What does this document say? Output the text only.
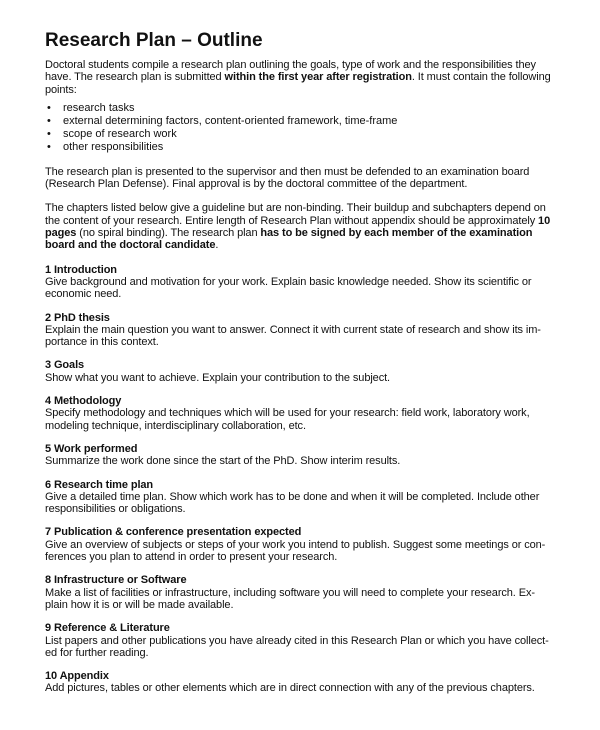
Research Plan – Outline
Doctoral students compile a research plan outlining the goals, type of work and the responsibilities they
have. The research plan is submitted within the first year after registration. It must contain the following
points:
•	research tasks
•	external determining factors, content-oriented framework, time-frame
•	scope of research work
•	other responsibilities
The research plan is presented to the supervisor and then must be defended to an examination board
(Research Plan Defense). Final approval is by the doctoral committee of the department.
The chapters listed below give a guideline but are non-binding. Their buildup and subchapters depend on
the content of your research. Entire length of Research Plan without appendix should be approximately 10
pages (no spiral binding). The research plan has to be signed by each member of the examination
board and the doctoral candidate.
1 Introduction
Give background and motivation for your work. Explain basic knowledge needed. Show its scientific or
economic need.
2 PhD thesis
Explain the main question you want to answer. Connect it with current state of research and show its im-
portance in this context.
3 Goals
Show what you want to achieve. Explain your contribution to the subject.
4 Methodology
Specify methodology and techniques which will be used for your research: field work, laboratory work,
modeling technique, interdisciplinary collaboration, etc.
5 Work performed
Summarize the work done since the start of the PhD. Show interim results.
6 Research time plan
Give a detailed time plan. Show which work has to be done and when it will be completed. Include other
responsibilities or obligations.
7 Publication & conference presentation expected
Give an overview of subjects or steps of your work you intend to publish. Suggest some meetings or con-
ferences you plan to attend in order to present your research.
8 Infrastructure or Software
Make a list of facilities or infrastructure, including software you will need to complete your research. Ex-
plain how it is or will be made available.
9 Reference & Literature
List papers and other publications you have already cited in this Research Plan or which you have collect-
ed for further reading.
10 Appendix
Add pictures, tables or other elements which are in direct connection with any of the previous chapters.
